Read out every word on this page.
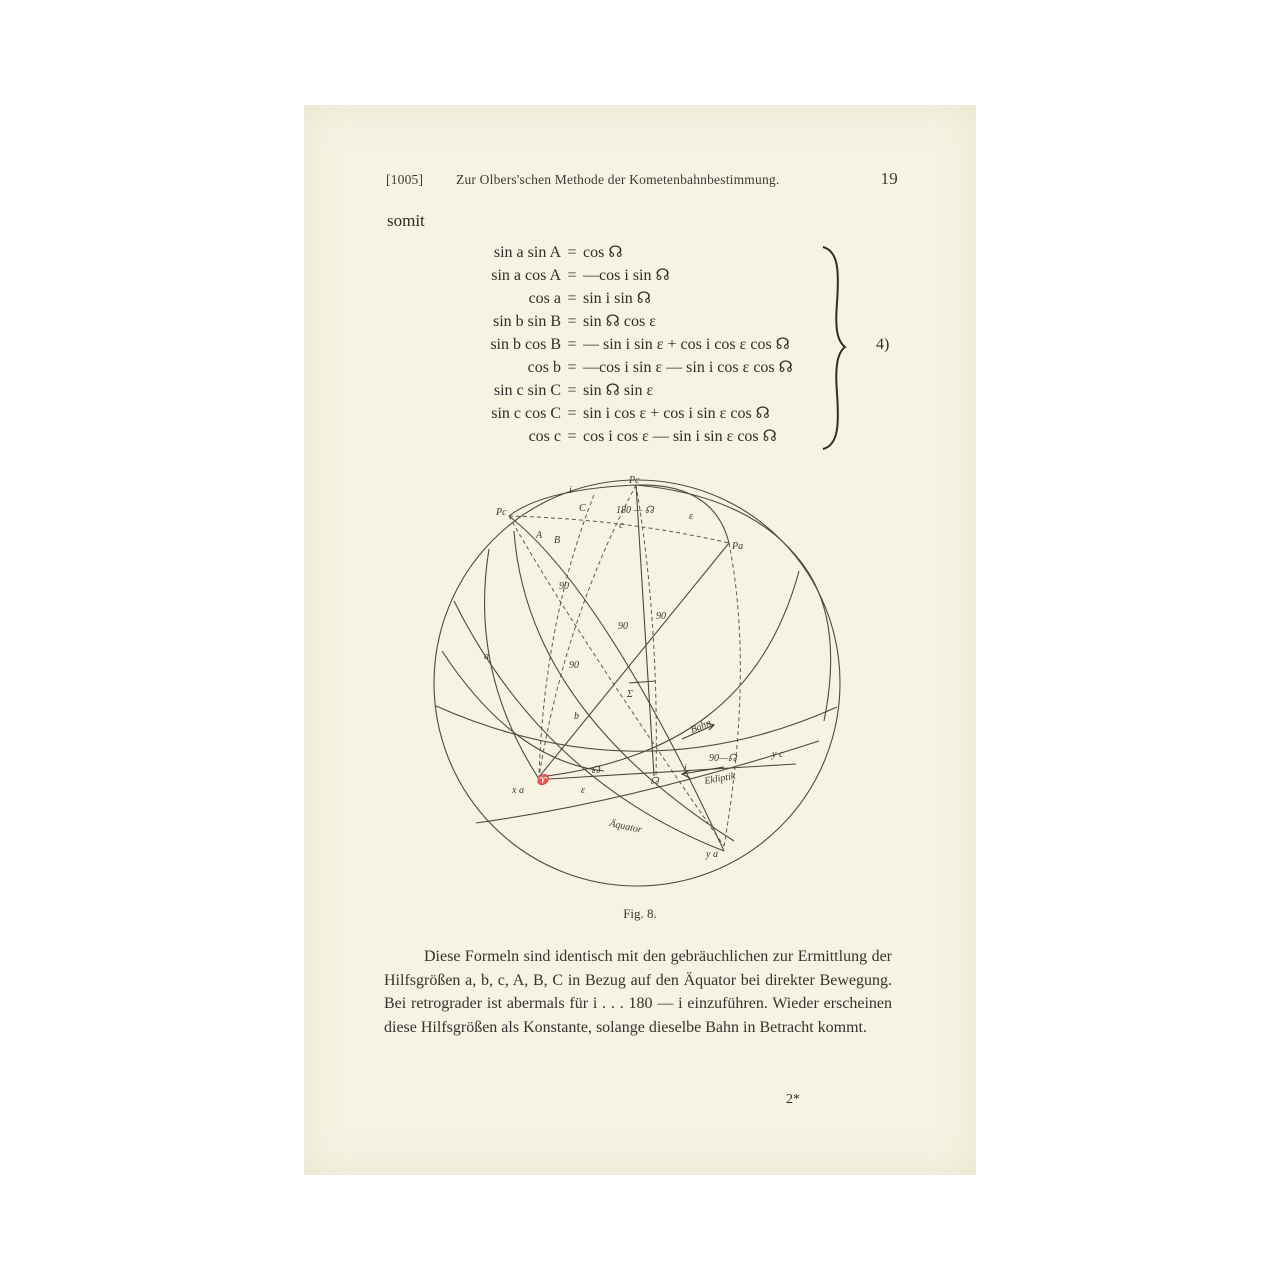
[1005] Zur Olbers'schen Methode der Kometenbahnbestimmung.	19
somit
sin a sin A = cos ☊
sin a cos A = —cos i sin ☊
cos a = sin i sin ☊
sin b sin B = sin ☊ cos ε
sin b cos B = — sin i sin ε + cos i cos ε cos ☊
cos b = —cos i sin ε — sin i cos ε cos ☊
sin c sin C = sin ☊ sin ε
sin c cos C = sin i cos ε + cos i sin ε cos ☊
cos c = cos i cos ε — sin i sin ε cos ☊
4)
Pc
Pc
Pa
i
C
A B
c
ε
180 — ☊
90
90
90
90
a
b
Σ
☊
☊
♈
ε
i
Bahn
90—☊
Ekliptik
Äquator
x a
y c
y a
Fig. 8.

Diese Formeln sind identisch mit den gebräuchlichen zur Ermittlung der Hilfsgrößen a, b, c, A, B, C in Bezug auf den Äquator bei direkter Bewegung. Bei retrograder ist abermals für i . . . 180 — i einzuführen. Wieder erscheinen diese Hilfsgrößen als Konstante, solange dieselbe Bahn in Betracht kommt.

2*
